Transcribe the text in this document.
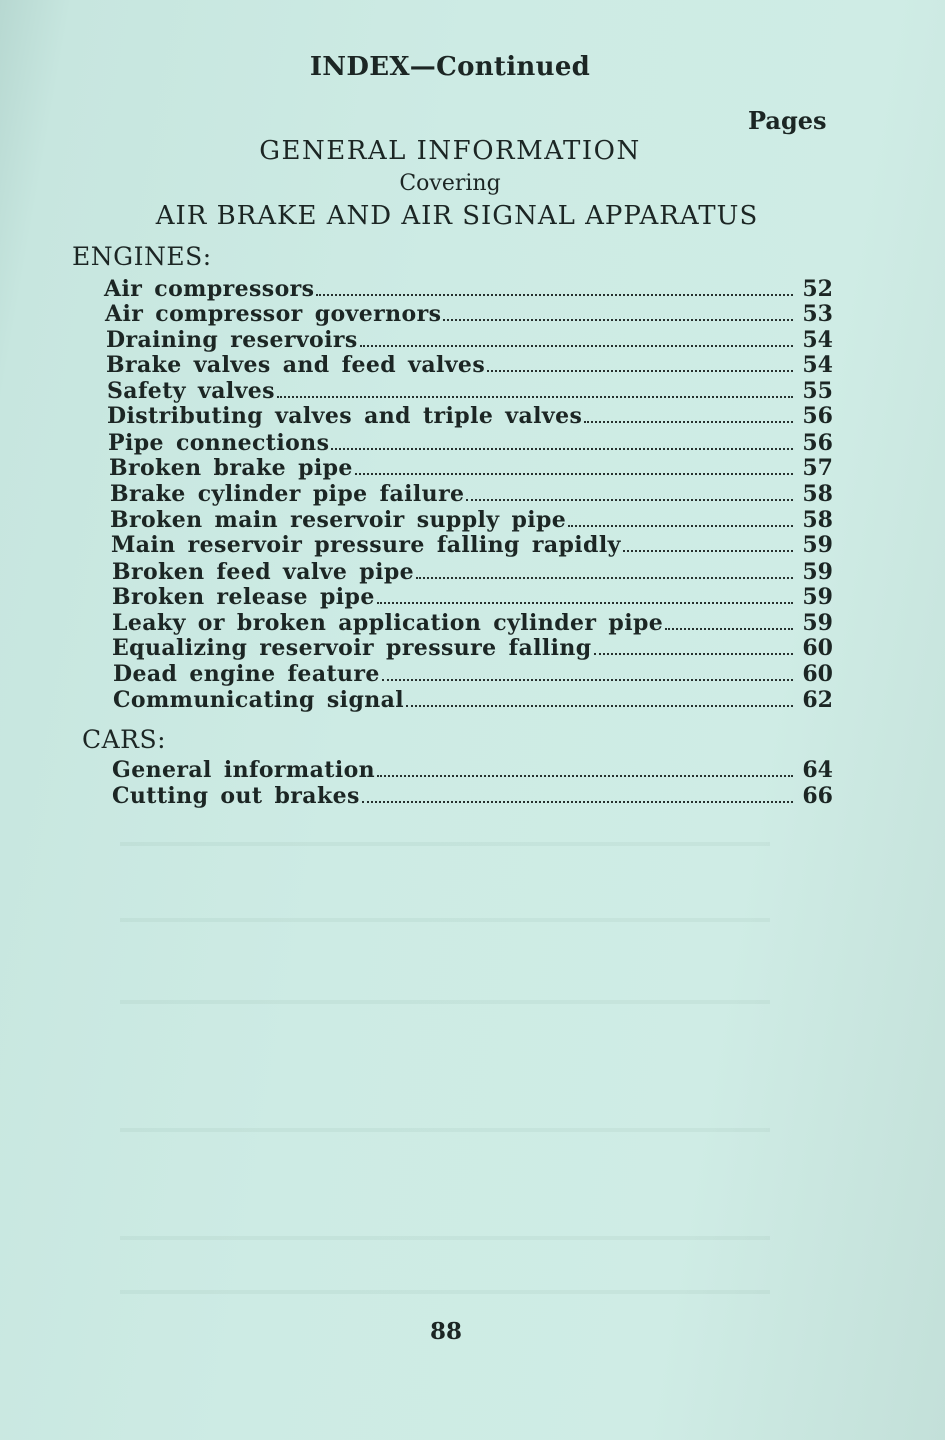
INDEX—Continued
Pages
GENERAL INFORMATION
Covering
AIR BRAKE AND AIR SIGNAL APPARATUS
ENGINES:
CARS:
Air compressors	52
Air compressor governors	53
Draining reservoirs	54
Brake valves and feed valves	54
Safety valves	55
Distributing valves and triple valves	56
Pipe connections	56
Broken brake pipe	57
Brake cylinder pipe failure	58
Broken main reservoir supply pipe	58
Main reservoir pressure falling rapidly	59
Broken feed valve pipe	59
Broken release pipe	59
Leaky or broken application cylinder pipe	59
Equalizing reservoir pressure falling	60
Dead engine feature	60
Communicating signal	62
General information	64
Cutting out brakes	66
88
